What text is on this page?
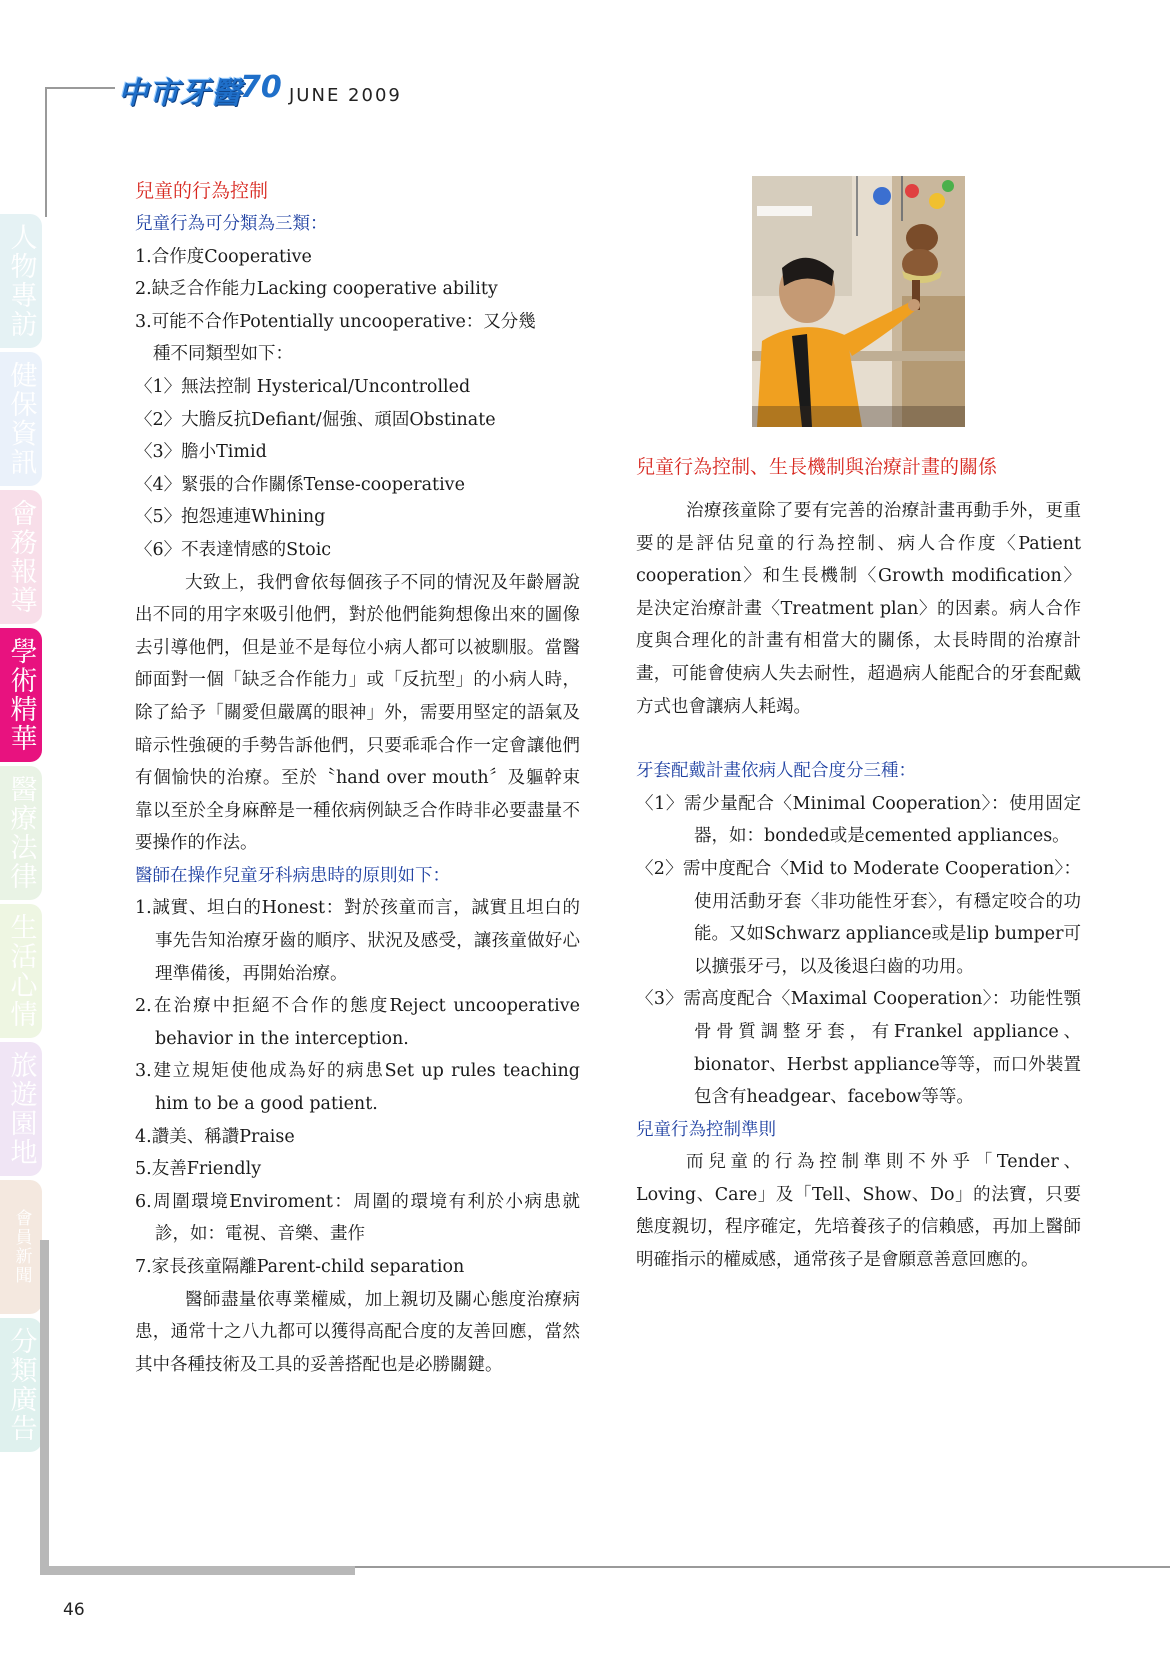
中市牙醫
70 JUNE 2009
人物專訪
健保資訊
會務報導
學術精華
醫療法律
生活心情
旅遊園地
會員新聞
分類廣告
46

兒童的行為控制

兒童行為可分類為三類：

1.合作度Cooperative

2.缺乏合作能力Lacking cooperative ability

3.可能不合作Potentially uncooperative：又分幾

種不同類型如下：

〈1〉無法控制 Hysterical/Uncontrolled

〈2〉大膽反抗Defiant/倔強、頑固Obstinate

〈3〉膽小Timid

〈4〉緊張的合作關係Tense-cooperative

〈5〉抱怨連連Whining

〈6〉不表達情感的Stoic

大致上，我們會依每個孩子不同的情況及年齡層說出不同的用字來吸引他們，對於他們能夠想像出來的圖像去引導他們，但是並不是每位小病人都可以被馴服。當醫師面對一個「缺乏合作能力」或「反抗型」的小病人時，除了給予「關愛但嚴厲的眼神」外，需要用堅定的語氣及暗示性強硬的手勢告訴他們，只要乖乖合作一定會讓他們有個愉快的治療。至於〝hand over mouth〞及軀幹束靠以至於全身麻醉是一種依病例缺乏合作時非必要盡量不要操作的作法。

醫師在操作兒童牙科病患時的原則如下：

1.誠實、坦白的Honest：對於孩童而言，誠實且坦白的事先告知治療牙齒的順序、狀況及感受，讓孩童做好心理準備後，再開始治療。

2.在治療中拒絕不合作的態度Reject uncooperative behavior in the interception.

3.建立規矩使他成為好的病患Set up rules teaching him to be a good patient.

4.讚美、稱讚Praise

5.友善Friendly

6.周圍環境Enviroment：周圍的環境有利於小病患就診，如：電視、音樂、畫作

7.家長孩童隔離Parent-child separation

醫師盡量依專業權威，加上親切及關心態度治療病患，通常十之八九都可以獲得高配合度的友善回應，當然其中各種技術及工具的妥善搭配也是必勝關鍵。

兒童行為控制、生長機制與治療計畫的關係

治療孩童除了要有完善的治療計畫再動手外，更重要的是評估兒童的行為控制、病人合作度〈Patient cooperation〉和生長機制〈Growth modification〉是決定治療計畫〈Treatment plan〉的因素。病人合作度與合理化的計畫有相當大的關係，太長時間的治療計畫，可能會使病人失去耐性，超過病人能配合的牙套配戴方式也會讓病人耗竭。

牙套配戴計畫依病人配合度分三種：

〈1〉需少量配合〈Minimal Cooperation〉：使用固定器，如：bonded或是cemented appliances。

〈2〉需中度配合〈Mid to Moderate Cooperation〉：使用活動牙套〈非功能性牙套〉，有穩定咬合的功能。又如Schwarz appliance或是lip bumper可以擴張牙弓，以及後退臼齒的功用。

〈3〉需高度配合〈Maximal Cooperation〉：功能性顎骨骨質調整牙套，有Frankel appliance、bionator、Herbst appliance等等，而口外裝置包含有headgear、facebow等等。

兒童行為控制準則

而兒童的行為控制準則不外乎「Tender、Loving、Care」及「Tell、Show、Do」的法寶，只要態度親切，程序確定，先培養孩子的信賴感，再加上醫師明確指示的權威感，通常孩子是會願意善意回應的。
